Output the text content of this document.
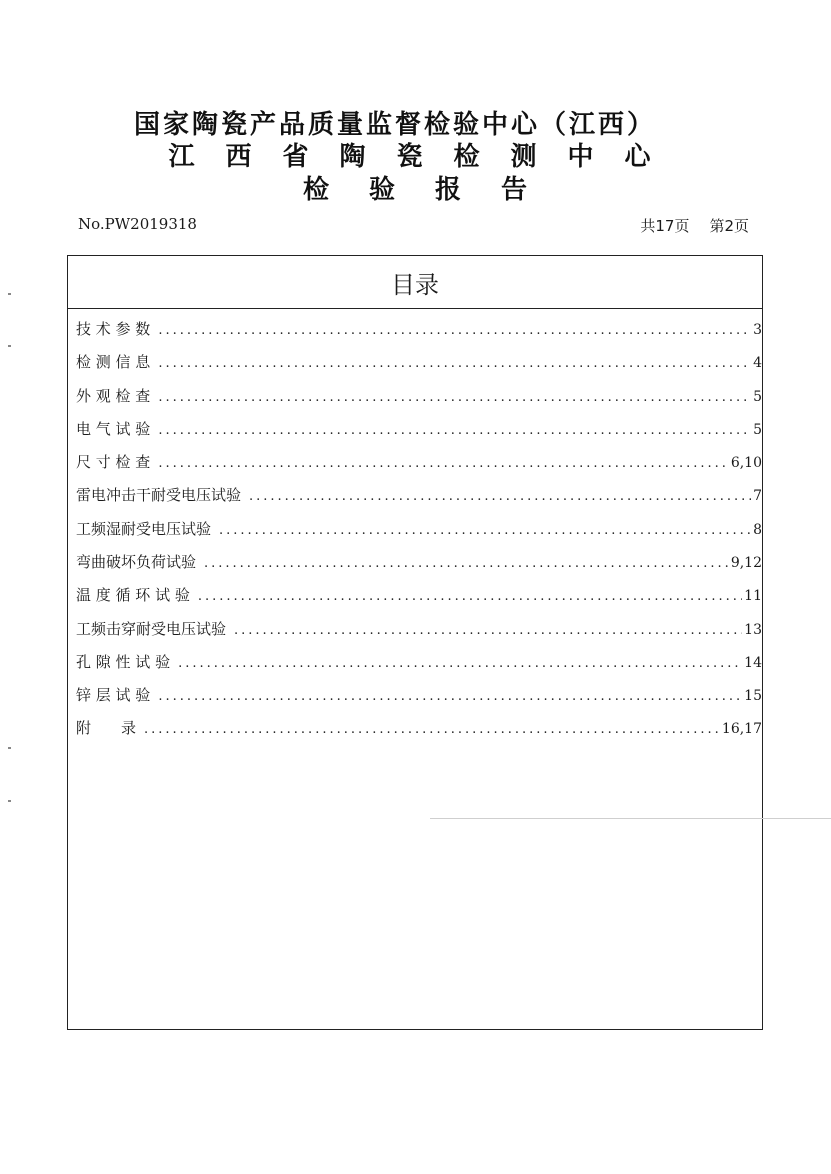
国家陶瓷产品质量监督检验中心（江西）
江西省陶瓷检测中心
检验报告
No.PW2019318	共17页 第2页
目录
技 术 参 数 .....	3
检 测 信 息 .....	4
外 观 检 查 .....	5
电 气 试 验 .....	5
尺 寸 检 查 .....	6,10
雷电冲击干耐受电压试验 .....	7
工频湿耐受电压试验 .....	8
弯曲破坏负荷试验 .....	9,12
温 度 循 环 试 验 .....	11
工频击穿耐受电压试验 .....	13
孔 隙 性 试 验 .....	14
锌 层 试 验 .....	15
附　　录 .....	16,17
